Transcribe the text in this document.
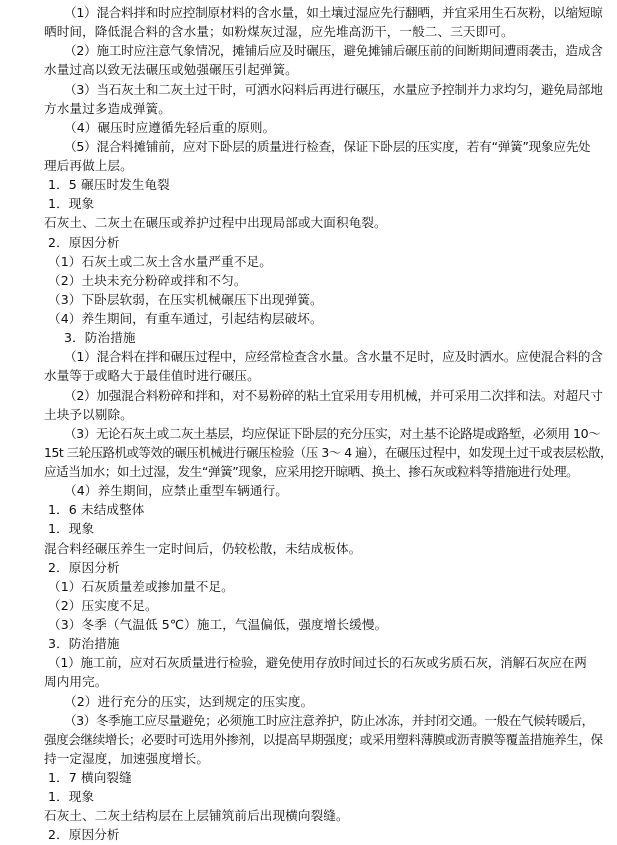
（1）混合料拌和时应控制原材料的含水量，如土壤过湿应先行翻晒，并宜采用生石灰粉，以缩短晾
晒时间，降低混合料的含水量；如粉煤灰过湿，应先堆高沥干，一般二、三天即可。
（2）施工时应注意气象情况，摊铺后应及时碾压，避免摊铺后碾压前的间断期间遭雨袭击，造成含
水量过高以致无法碾压或勉强碾压引起弹簧。
（3）当石灰土和二灰土过干时，可洒水闷料后再进行碾压，水量应予控制并力求均匀，避免局部地
方水量过多造成弹簧。
（4）碾压时应遵循先轻后重的原则。
（5）混合料摊铺前，应对下卧层的质量进行检查，保证下卧层的压实度，若有“弹簧”现象应先处
理后再做上层。
1．5 碾压时发生龟裂
1．现象
石灰土、二灰土在碾压或养护过程中出现局部或大面积龟裂。
2．原因分析
（1）石灰土或二灰土含水量严重不足。
（2）土块未充分粉碎或拌和不匀。
（3）下卧层软弱，在压实机械碾压下出现弹簧。
（4）养生期间，有重车通过，引起结构层破坏。
3．防治措施
（1）混合料在拌和碾压过程中，应经常检查含水量。含水量不足时，应及时洒水。应使混合料的含
水量等于或略大于最佳值时进行碾压。
（2）加强混合料粉碎和拌和，对不易粉碎的粘土宜采用专用机械，并可采用二次拌和法。对超尺寸
土块予以剔除。
（3）无论石灰土或二灰土基层，均应保证下卧层的充分压实，对土基不论路堤或路堑，必须用 10～
15t 三轮压路机或等效的碾压机械进行碾压检验（压 3～ 4 遍），在碾压过程中，如发现土过干或表层松散，
应适当加水；如土过湿，发生“弹簧”现象，应采用挖开晾晒、换土、掺石灰或粒料等措施进行处理。
（4）养生期间，应禁止重型车辆通行。
1．6 未结成整体
1．现象
混合料经碾压养生一定时间后，仍较松散，未结成板体。
2．原因分析
（1）石灰质量差或掺加量不足。
（2）压实度不足。
（3）冬季（气温低 5℃）施工，气温偏低，强度增长缓慢。
3．防治措施
（1）施工前，应对石灰质量进行检验，避免使用存放时间过长的石灰或劣质石灰，消解石灰应在两
周内用完。
（2）进行充分的压实，达到规定的压实度。
（3）冬季施工应尽量避免；必须施工时应注意养护，防止冰冻，并封闭交通。一般在气候转暖后，
强度会继续增长；必要时可选用外掺剂，以提高早期强度；或采用塑料薄膜或沥青膜等覆盖措施养生，保
持一定湿度，加速强度增长。
1．7 横向裂缝
1．现象
石灰土、二灰土结构层在上层铺筑前后出现横向裂缝。
2．原因分析
